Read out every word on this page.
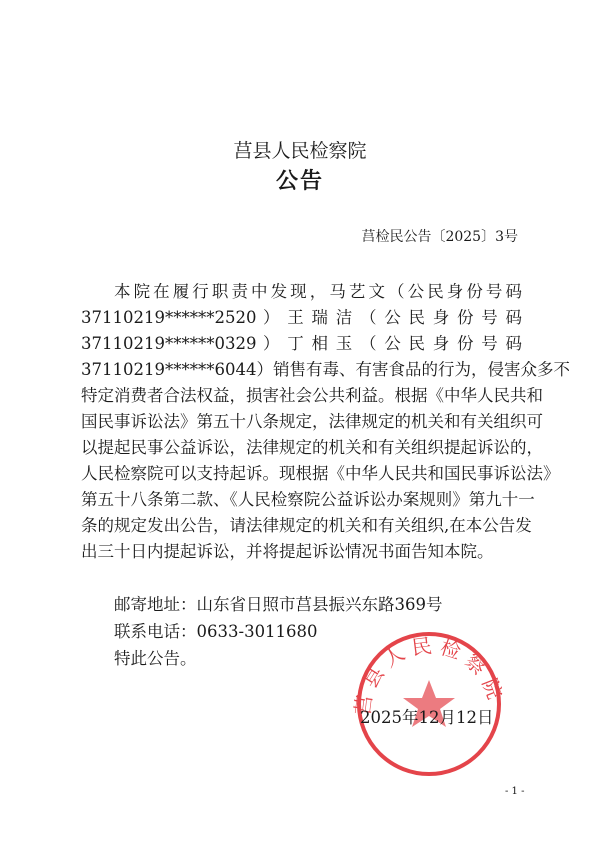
莒县人民检察院
公告
莒检民公告〔2025〕3号
本院在履行职责中发现，马艺文（公民身份号码
37110219******2520 ） 王 瑞 洁 （ 公 民 身 份 号 码
37110219******0329 ） 丁 相 玉 （ 公 民 身 份 号 码
37110219******6044）销售有毒、有害食品的行为，侵害众多不
特定消费者合法权益，损害社会公共利益。根据《中华人民共和
国民事诉讼法》第五十八条规定，法律规定的机关和有关组织可
以提起民事公益诉讼，法律规定的机关和有关组织提起诉讼的，
人民检察院可以支持起诉。现根据《中华人民共和国民事诉讼法》
第五十八条第二款、《人民检察院公益诉讼办案规则》第九十一
条的规定发出公告，请法律规定的机关和有关组织,在本公告发
出三十日内提起诉讼，并将提起诉讼情况书面告知本院。
邮寄地址：山东省日照市莒县振兴东路369号
联系电话：0633-3011680
特此公告。
莒 县 人 民 检 察 院
2025年12月12日
- 1 -
